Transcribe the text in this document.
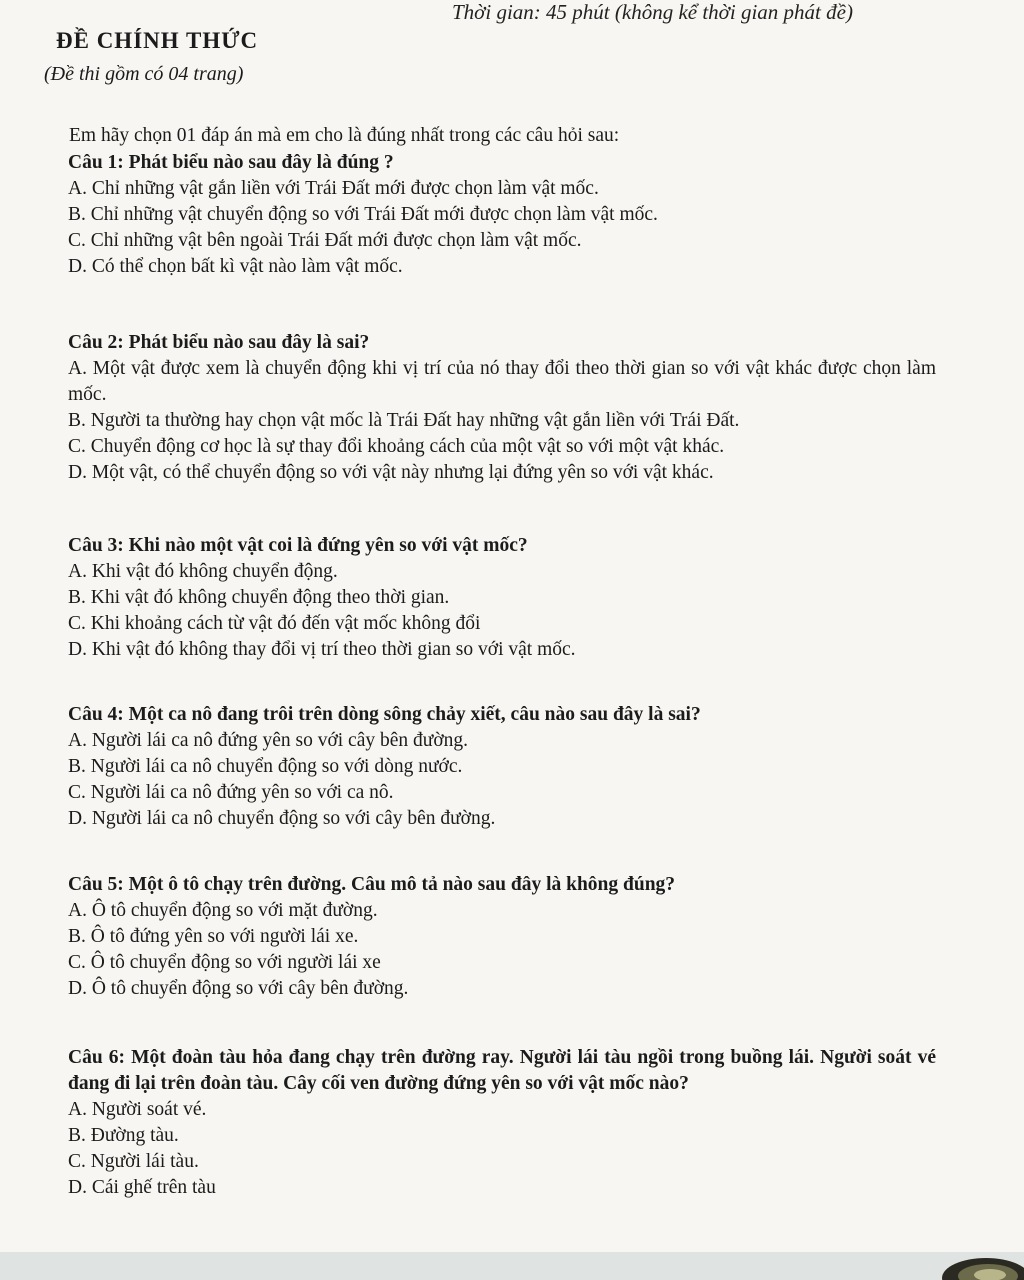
Thời gian: 45 phút (không kể thời gian phát đề)
ĐỀ CHÍNH THỨC
(Đề thi gồm có 04 trang)
Em hãy chọn 01 đáp án mà em cho là đúng nhất trong các câu hỏi sau:
Câu 1: Phát biểu nào sau đây là đúng ?
A. Chỉ những vật gắn liền với Trái Đất mới được chọn làm vật mốc.
B. Chỉ những vật chuyển động so với Trái Đất mới được chọn làm vật mốc.
C. Chỉ những vật bên ngoài Trái Đất mới được chọn làm vật mốc.
D. Có thể chọn bất kì vật nào làm vật mốc.
Câu 2: Phát biểu nào sau đây là sai?
A. Một vật được xem là chuyển động khi vị trí của nó thay đổi theo thời gian so với vật khác được chọn làm mốc.
B. Người ta thường hay chọn vật mốc là Trái Đất hay những vật gắn liền với Trái Đất.
C. Chuyển động cơ học là sự thay đổi khoảng cách của một vật so với một vật khác.
D. Một vật, có thể chuyển động so với vật này nhưng lại đứng yên so với vật khác.
Câu 3: Khi nào một vật coi là đứng yên so với vật mốc?
A. Khi vật đó không chuyển động.
B. Khi vật đó không chuyển động theo thời gian.
C. Khi khoảng cách từ vật đó đến vật mốc không đổi
D. Khi vật đó không thay đổi vị trí theo thời gian so với vật mốc.
Câu 4: Một ca nô đang trôi trên dòng sông chảy xiết, câu nào sau đây là sai?
A. Người lái ca nô đứng yên so với cây bên đường.
B. Người lái ca nô chuyển động so với dòng nước.
C. Người lái ca nô đứng yên so với ca nô.
D. Người lái ca nô chuyển động so với cây bên đường.
Câu 5: Một ô tô chạy trên đường. Câu mô tả nào sau đây là không đúng?
A. Ô tô chuyển động so với mặt đường.
B. Ô tô đứng yên so với người lái xe.
C. Ô tô chuyển động so với người lái xe
D. Ô tô chuyển động so với cây bên đường.
Câu 6: Một đoàn tàu hỏa đang chạy trên đường ray. Người lái tàu ngồi trong buồng lái. Người soát vé đang đi lại trên đoàn tàu. Cây cối ven đường đứng yên so với vật mốc nào?
A. Người soát vé.
B. Đường tàu.
C. Người lái tàu.
D. Cái ghế trên tàu
